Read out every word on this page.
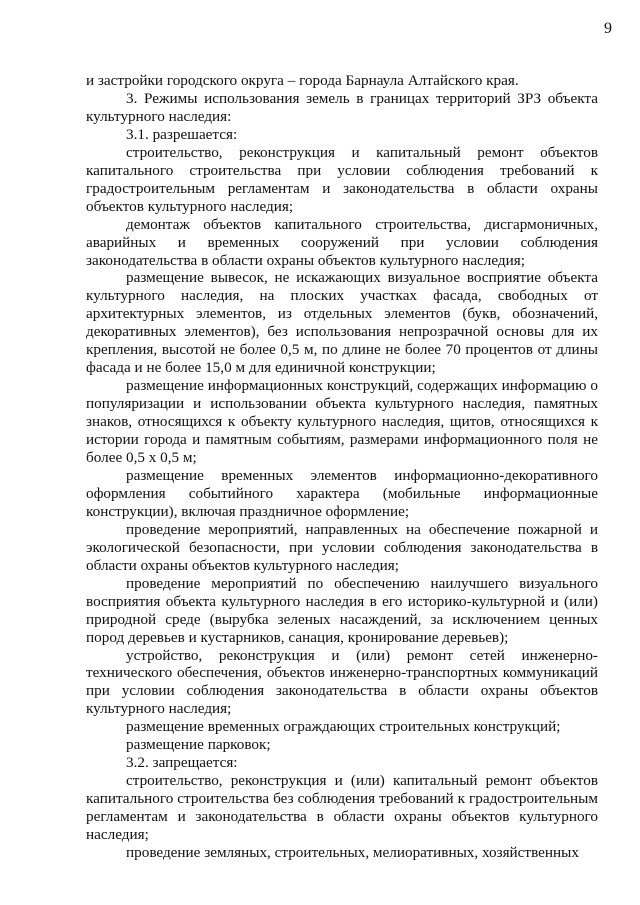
9

и застройки городского округа – города Барнаула Алтайского края.

3. Режимы использования земель в границах территорий ЗРЗ объекта культурного наследия:

3.1. разрешается:

строительство, реконструкция и капитальный ремонт объектов капитального строительства при условии соблюдения требований к градостроительным регламентам и законодательства в области охраны объектов культурного наследия;

демонтаж объектов капитального строительства, дисгармоничных, аварийных и временных сооружений при условии соблюдения законодательства в области охраны объектов культурного наследия;

размещение вывесок, не искажающих визуальное восприятие объекта культурного наследия, на плоских участках фасада, свободных от архитектурных элементов, из отдельных элементов (букв, обозначений, декоративных элементов), без использования непрозрачной основы для их крепления, высотой не более 0,5 м, по длине не более 70 процентов от длины фасада и не более 15,0 м для единичной конструкции;

размещение информационных конструкций, содержащих информацию о популяризации и использовании объекта культурного наследия, памятных знаков, относящихся к объекту культурного наследия, щитов, относящихся к истории города и памятным событиям, размерами информационного поля не более 0,5 х 0,5 м;

размещение временных элементов информационно-декоративного оформления событийного характера (мобильные информационные конструкции), включая праздничное оформление;

проведение мероприятий, направленных на обеспечение пожарной и экологической безопасности, при условии соблюдения законодательства в области охраны объектов культурного наследия;

проведение мероприятий по обеспечению наилучшего визуального восприятия объекта культурного наследия в его историко-культурной и (или) природной среде (вырубка зеленых насаждений, за исключением ценных пород деревьев и кустарников, санация, кронирование деревьев);

устройство, реконструкция и (или) ремонт сетей инженерно-технического обеспечения, объектов инженерно-транспортных коммуникаций при условии соблюдения законодательства в области охраны объектов культурного наследия;

размещение временных ограждающих строительных конструкций;

размещение парковок;

3.2. запрещается:

строительство, реконструкция и (или) капитальный ремонт объектов капитального строительства без соблюдения требований к градостроительным регламентам и законодательства в области охраны объектов культурного наследия;

проведение земляных, строительных, мелиоративных, хозяйственных
